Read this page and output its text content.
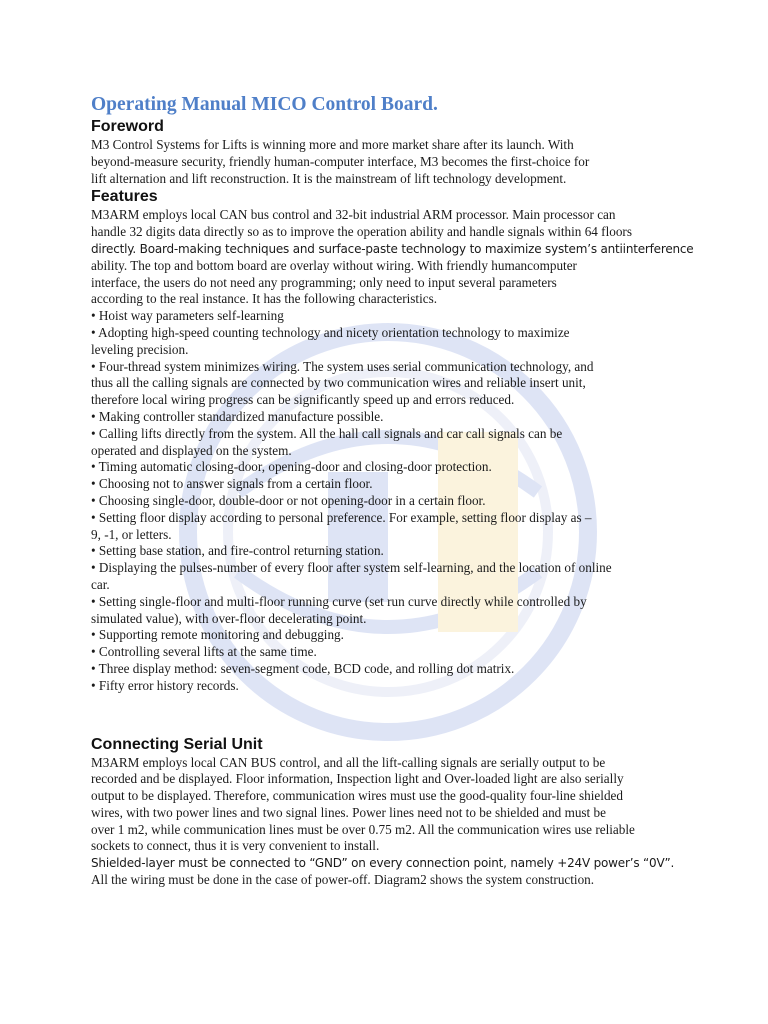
Operating Manual MICO Control Board.
Foreword
M3 Control Systems for Lifts is winning more and more market share after its launch. With
beyond-measure security, friendly human-computer interface, M3 becomes the first-choice for
lift alternation and lift reconstruction. It is the mainstream of lift technology development.
Features
M3ARM employs local CAN bus control and 32-bit industrial ARM processor. Main processor can
handle 32 digits data directly so as to improve the operation ability and handle signals within 64 floors
directly. Board-making techniques and surface-paste technology to maximize system’s antiinterference
ability. The top and bottom board are overlay without wiring. With friendly humancomputer
interface, the users do not need any programming; only need to input several parameters
according to the real instance. It has the following characteristics.
• Hoist way parameters self-learning
• Adopting high-speed counting technology and nicety orientation technology to maximize
leveling precision.
• Four-thread system minimizes wiring. The system uses serial communication technology, and
thus all the calling signals are connected by two communication wires and reliable insert unit,
therefore local wiring progress can be significantly speed up and errors reduced.
• Making controller standardized manufacture possible.
• Calling lifts directly from the system. All the hall call signals and car call signals can be
operated and displayed on the system.
• Timing automatic closing-door, opening-door and closing-door protection.
• Choosing not to answer signals from a certain floor.
• Choosing single-door, double-door or not opening-door in a certain floor.
• Setting floor display according to personal preference. For example, setting floor display as –
9, -1, or letters.
• Setting base station, and fire-control returning station.
• Displaying the pulses-number of every floor after system self-learning, and the location of online
car.
• Setting single-floor and multi-floor running curve (set run curve directly while controlled by
simulated value), with over-floor decelerating point.
• Supporting remote monitoring and debugging.
• Controlling several lifts at the same time.
• Three display method: seven-segment code, BCD code, and rolling dot matrix.
• Fifty error history records.
Connecting Serial Unit
M3ARM employs local CAN BUS control, and all the lift-calling signals are serially output to be
recorded and be displayed. Floor information, Inspection light and Over-loaded light are also serially
output to be displayed. Therefore, communication wires must use the good-quality four-line shielded
wires, with two power lines and two signal lines. Power lines need not to be shielded and must be
over 1 m2, while communication lines must be over 0.75 m2. All the communication wires use reliable
sockets to connect, thus it is very convenient to install.
Shielded-layer must be connected to “GND” on every connection point, namely +24V power’s “0V”.
All the wiring must be done in the case of power-off. Diagram2 shows the system construction.
